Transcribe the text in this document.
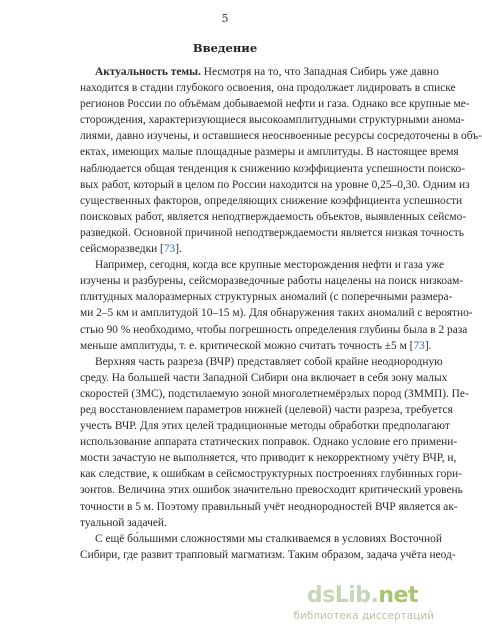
5
Введение
Актуальность темы. Несмотря на то, что Западная Сибирь уже давно
находится в стадии глубокого освоения, она продолжает лидировать в списке
регионов России по объёмам добываемой нефти и газа. Однако все крупные ме-
сторождения, характеризующиеся высокоамплитудными структурными анома-
лиями, давно изучены, и оставшиеся неоснвоенные ресурсы сосредоточены в объ-
ектах, имеющих малые площадные размеры и амплитуды. В настоящее время
наблюдается общая тенденция к снижению коэффициента успешности поиско-
вых работ, который в целом по России находится на уровне 0,25–0,30. Одним из
существенных факторов, определяющих снижение коэффициента успешности
поисковых работ, является неподтверждаемость объектов, выявленных сейсмо-
разведкой. Основной причиной неподтверждаемости является низкая точность
сейсморазведки [73].
Например, сегодня, когда все крупные месторождения нефти и газа уже
изучены и разбурены, сейсморазведочные работы нацелены на поиск низкоам-
плитудных малоразмерных структурных аномалий (с поперечными размера-
ми 2–5 км и амплитудой 10–15 м). Для обнаружения таких аномалий с вероятно-
стью 90 % необходимо, чтобы погрешность определения глубины была в 2 раза
меньше амплитуды, т. е. критической можно считать точность ±5 м [73].
Верхняя часть разреза (ВЧР) представляет собой крайне неоднородную
среду. На большей части Западной Сибири она включает в себя зону малых
скоростей (ЗМС), подстилаемую зоной многолетнемёрзлых пород (ЗММП). Пе-
ред восстановлением параметров нижней (целевой) части разреза, требуется
учесть ВЧР. Для этих целей традиционные методы обработки предполагают
использование аппарата статических поправок. Однако условие его примени-
мости зачастую не выполняется, что приводит к некорректному учёту ВЧР, и,
как следствие, к ошибкам в сейсмоструктурных построениях глубинных гори-
зонтов. Величина этих ошибок значительно превосходит критический уровень
точности в 5 м. Поэтому правильный учёт неоднородностей ВЧР является ак-
туальной задачей.
С ещё бо́льшими сложностями мы сталкиваемся в условиях Восточной
Сибири, где развит трапповый магматизм. Таким образом, задача учёта неод-
dsLib.net
библиотека диссертаций
